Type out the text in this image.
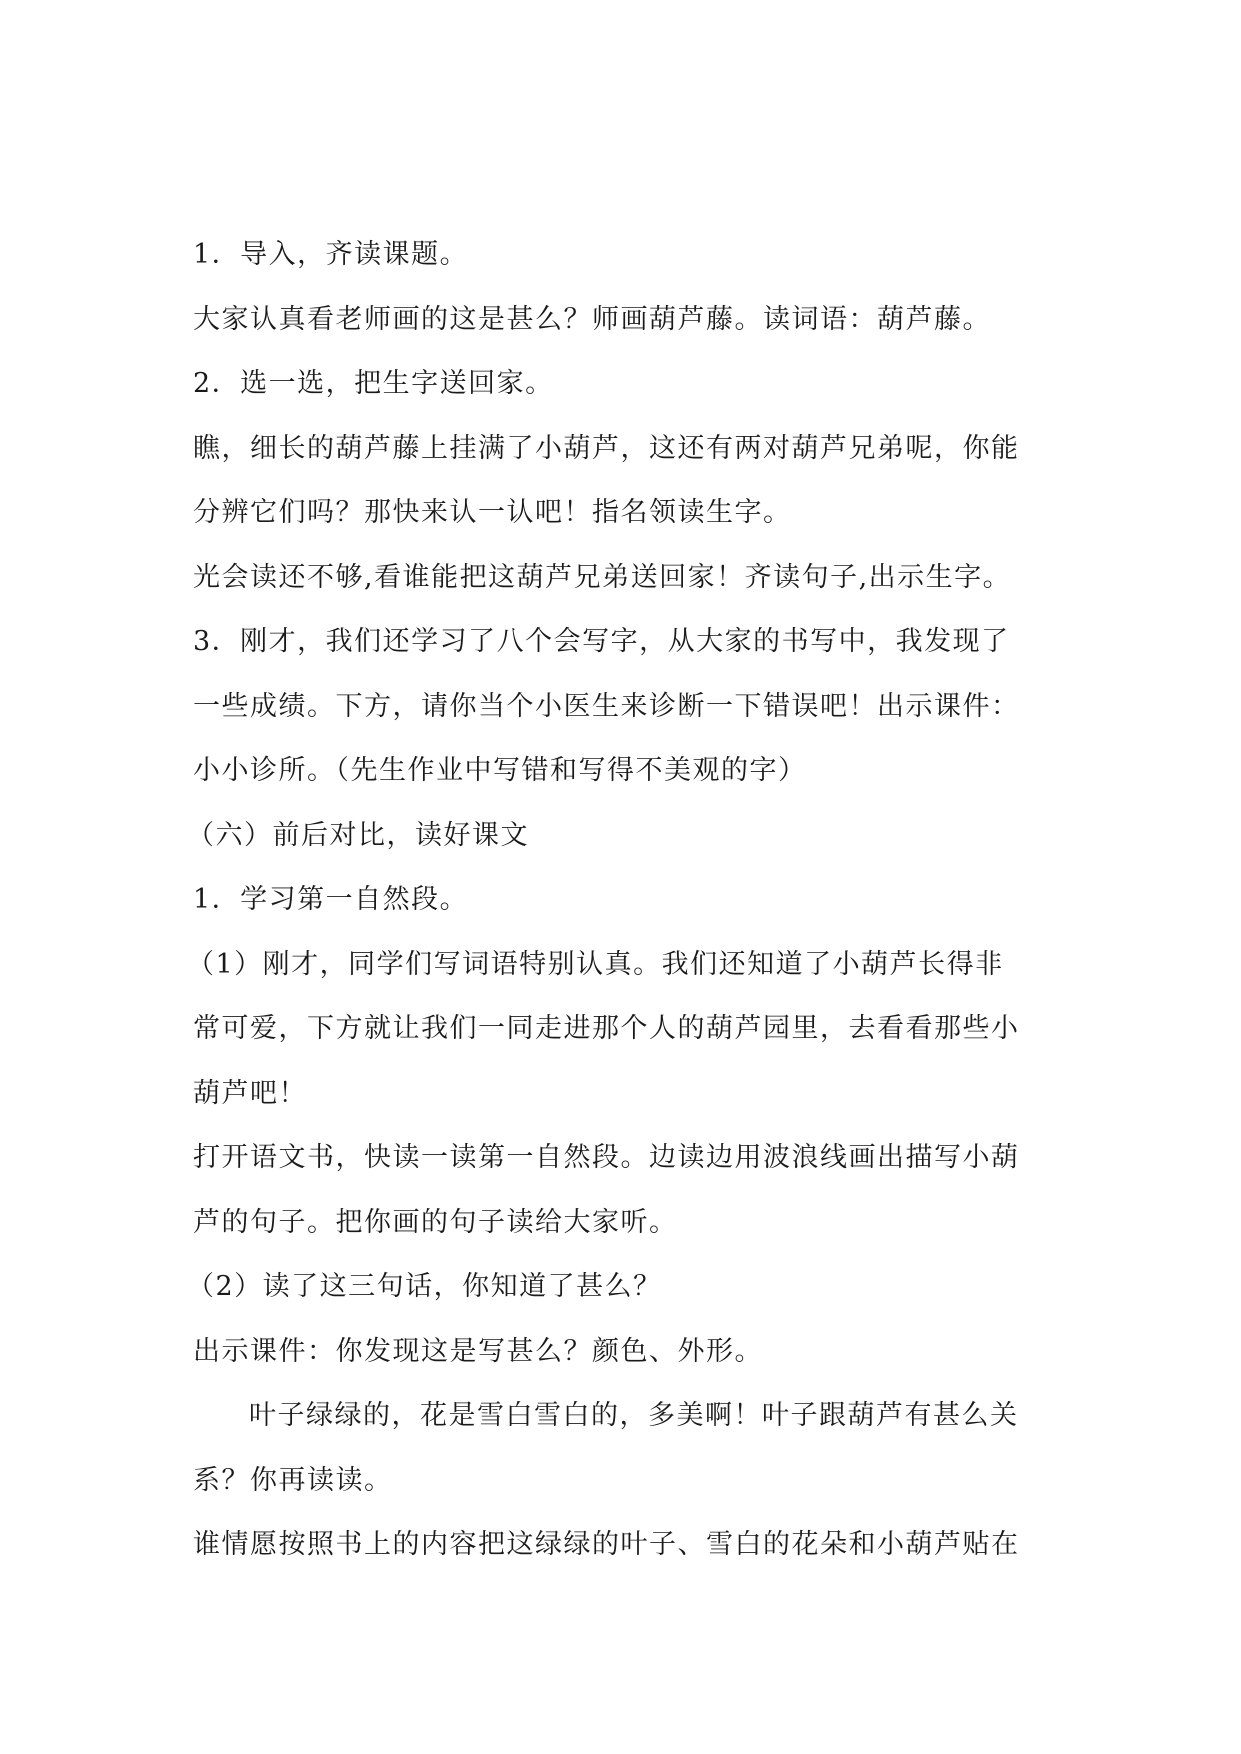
1．导入，齐读课题。
大家认真看老师画的这是甚么？师画葫芦藤。读词语：葫芦藤。
2．选一选，把生字送回家。
瞧，细长的葫芦藤上挂满了小葫芦，这还有两对葫芦兄弟呢，你能
分辨它们吗？那快来认一认吧！指名领读生字。
光会读还不够,看谁能把这葫芦兄弟送回家！齐读句子,出示生字。
3．刚才，我们还学习了八个会写字，从大家的书写中，我发现了
一些成绩。下方，请你当个小医生来诊断一下错误吧！出示课件：
小小诊所。（先生作业中写错和写得不美观的字）
（六）前后对比，读好课文
1．学习第一自然段。
（1）刚才，同学们写词语特别认真。我们还知道了小葫芦长得非
常可爱，下方就让我们一同走进那个人的葫芦园里，去看看那些小
葫芦吧！
打开语文书，快读一读第一自然段。边读边用波浪线画出描写小葫
芦的句子。把你画的句子读给大家听。
（2）读了这三句话，你知道了甚么？
出示课件：你发现这是写甚么？颜色、外形。
叶子绿绿的，花是雪白雪白的，多美啊！叶子跟葫芦有甚么关
系？你再读读。
谁情愿按照书上的内容把这绿绿的叶子、雪白的花朵和小葫芦贴在
